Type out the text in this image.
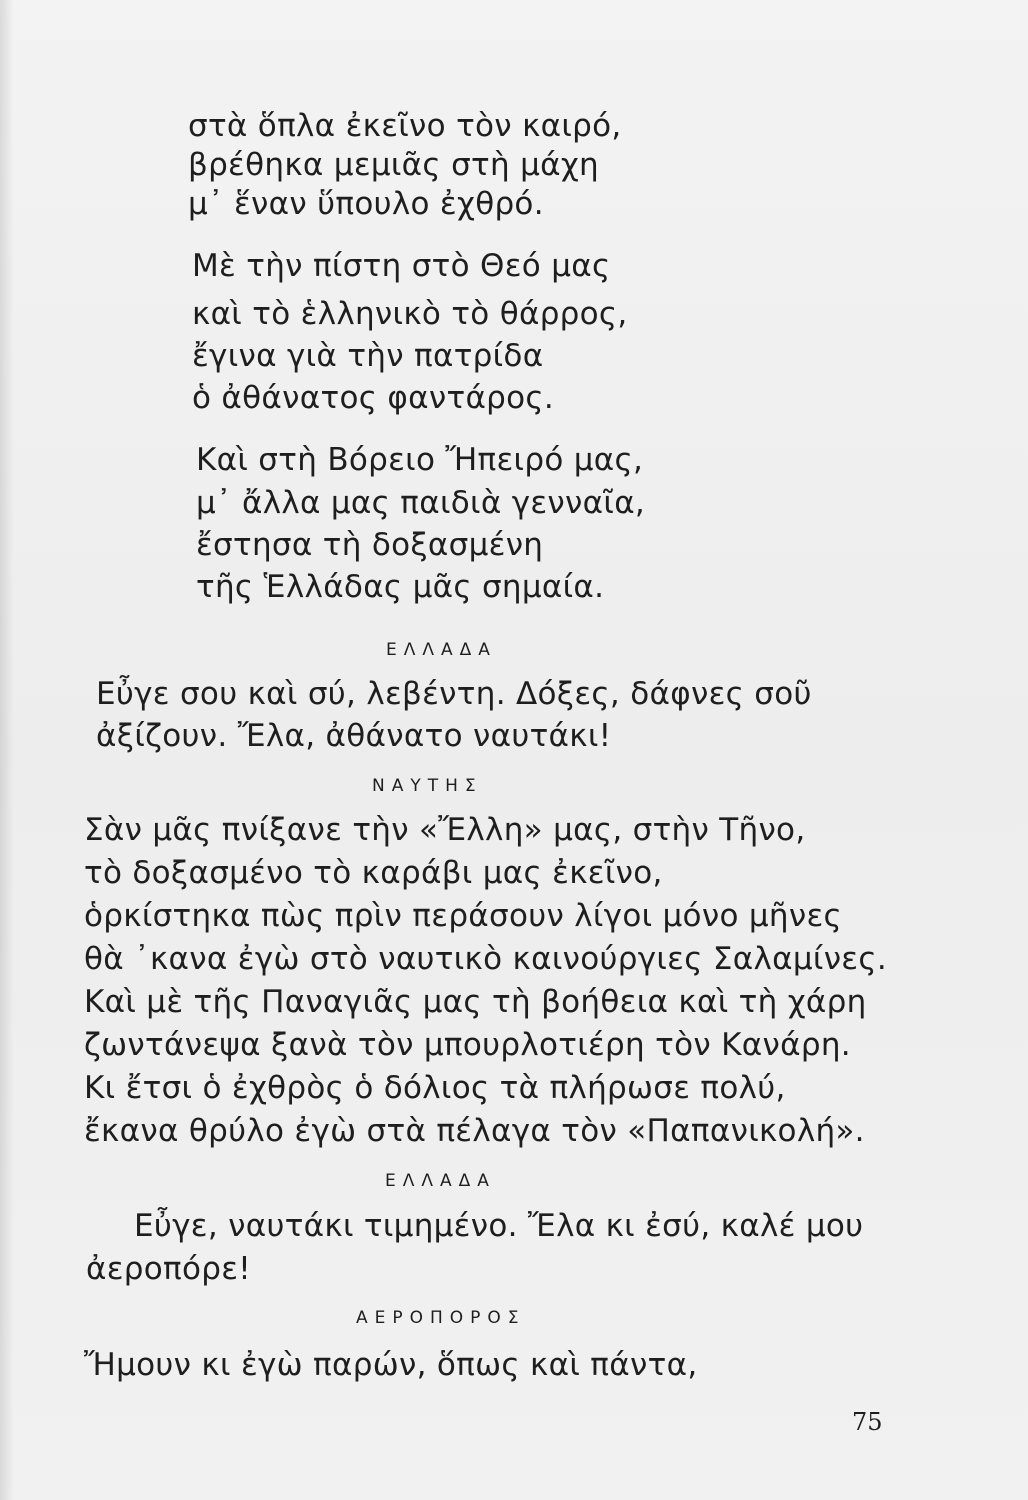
στὰ ὅπλα ἐκεῖνο τὸν καιρό,
βρέθηκα μεμιᾶς στὴ μάχη
μ᾽ ἕναν ὕπουλο ἐχθρό.
Μὲ τὴν πίστη στὸ Θεό μας
καὶ τὸ ἑλληνικὸ τὸ θάρρος,
ἔγινα γιὰ τὴν πατρίδα
ὁ ἀθάνατος φαντάρος.
Καὶ στὴ Βόρειο Ἤπειρό μας,
μ᾽ ἄλλα μας παιδιὰ γενναῖα,
ἔστησα τὴ δοξασμένη
τῆς Ἑλλάδας μᾶς σημαία.
ΕΛΛΑΔΑ
Εὖγε σου καὶ σύ, λεβέντη. Δόξες, δάφνες σοῦ
ἀξίζουν. Ἔλα, ἀθάνατο ναυτάκι!
ΝΑΥΤΗΣ
Σὰν μᾶς πνίξανε τὴν «Ἔλλη» μας, στὴν Τῆνο,
τὸ δοξασμένο τὸ καράβι μας ἐκεῖνο,
ὁρκίστηκα πὼς πρὶν περάσουν λίγοι μόνο μῆνες
θὰ ᾽κανα ἐγὼ στὸ ναυτικὸ καινούργιες Σαλαμίνες.
Καὶ μὲ τῆς Παναγιᾶς μας τὴ βοήθεια καὶ τὴ χάρη
ζωντάνεψα ξανὰ τὸν μπουρλοτιέρη τὸν Κανάρη.
Κι ἔτσι ὁ ἐχθρὸς ὁ δόλιος τὰ πλήρωσε πολύ,
ἔκανα θρύλο ἐγὼ στὰ πέλαγα τὸν «Παπανικολή».
ΕΛΛΑΔΑ
Εὖγε, ναυτάκι τιμημένο. Ἔλα κι ἐσύ, καλέ μου
ἀεροπόρε!
ΑΕΡΟΠΟΡΟΣ
Ἤμουν κι ἐγὼ παρών, ὅπως καὶ πάντα,
75
